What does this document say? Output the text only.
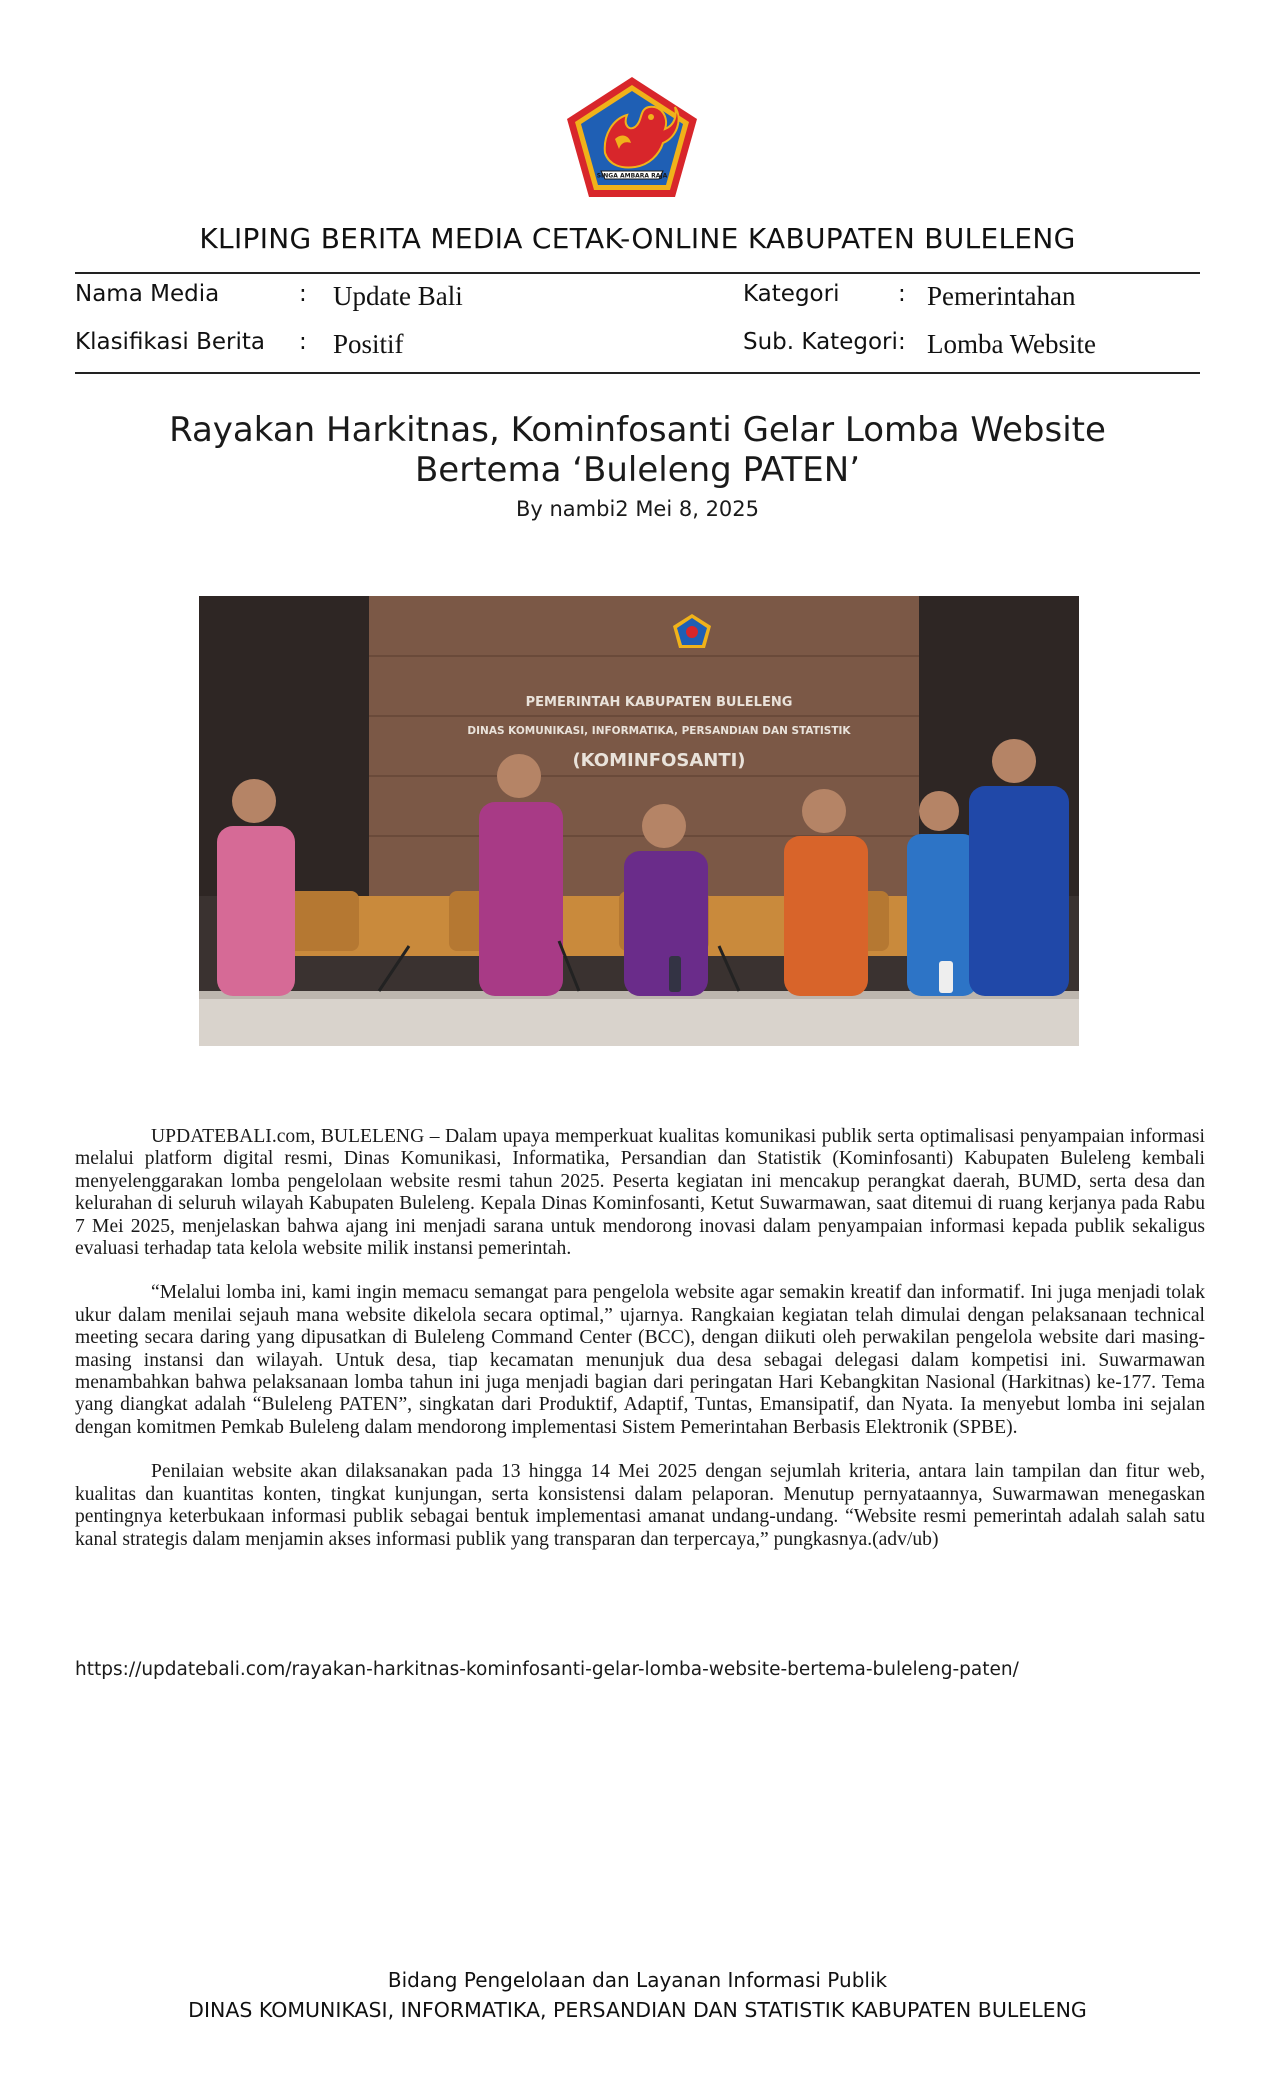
SINGA AMBARA RAJA
KLIPING BERITA MEDIA CETAK-ONLINE KABUPATEN BULELENG
Nama Media	: Update Bali
Klasifikasi Berita : Positif
Kategori	: Pemerintahan
Sub. Kategori : Lomba Website
Rayakan Harkitnas, Kominfosanti Gelar Lomba Website
Bertema ‘Buleleng PATEN’
By nambi2 Mei 8, 2025
PEMERINTAH KABUPATEN BULELENG
DINAS KOMUNIKASI, INFORMATIKA, PERSANDIAN DAN STATISTIK
(KOMINFOSANTI)

UPDATEBALI.com, BULELENG – Dalam upaya memperkuat kualitas komunikasi publik serta optimalisasi penyampaian informasi melalui platform digital resmi, Dinas Komunikasi, Informatika, Persandian dan Statistik (Kominfosanti) Kabupaten Buleleng kembali menyelenggarakan lomba pengelolaan website resmi tahun 2025. Peserta kegiatan ini mencakup perangkat daerah, BUMD, serta desa dan kelurahan di seluruh wilayah Kabupaten Buleleng. Kepala Dinas Kominfosanti, Ketut Suwarmawan, saat ditemui di ruang kerjanya pada Rabu 7 Mei 2025, menjelaskan bahwa ajang ini menjadi sarana untuk mendorong inovasi dalam penyampaian informasi kepada publik sekaligus evaluasi terhadap tata kelola website milik instansi pemerintah.

“Melalui lomba ini, kami ingin memacu semangat para pengelola website agar semakin kreatif dan informatif. Ini juga menjadi tolak ukur dalam menilai sejauh mana website dikelola secara optimal,” ujarnya. Rangkaian kegiatan telah dimulai dengan pelaksanaan technical meeting secara daring yang dipusatkan di Buleleng Command Center (BCC), dengan diikuti oleh perwakilan pengelola website dari masing-masing instansi dan wilayah. Untuk desa, tiap kecamatan menunjuk dua desa sebagai delegasi dalam kompetisi ini. Suwarmawan menambahkan bahwa pelaksanaan lomba tahun ini juga menjadi bagian dari peringatan Hari Kebangkitan Nasional (Harkitnas) ke-177. Tema yang diangkat adalah “Buleleng PATEN”, singkatan dari Produktif, Adaptif, Tuntas, Emansipatif, dan Nyata. Ia menyebut lomba ini sejalan dengan komitmen Pemkab Buleleng dalam mendorong implementasi Sistem Pemerintahan Berbasis Elektronik (SPBE).

Penilaian website akan dilaksanakan pada 13 hingga 14 Mei 2025 dengan sejumlah kriteria, antara lain tampilan dan fitur web, kualitas dan kuantitas konten, tingkat kunjungan, serta konsistensi dalam pelaporan. Menutup pernyataannya, Suwarmawan menegaskan pentingnya keterbukaan informasi publik sebagai bentuk implementasi amanat undang-undang. “Website resmi pemerintah adalah salah satu kanal strategis dalam menjamin akses informasi publik yang transparan dan terpercaya,” pungkasnya.(adv/ub)

https://updatebali.com/rayakan-harkitnas-kominfosanti-gelar-lomba-website-bertema-buleleng-paten/
Bidang Pengelolaan dan Layanan Informasi Publik
DINAS KOMUNIKASI, INFORMATIKA, PERSANDIAN DAN STATISTIK KABUPATEN BULELENG
